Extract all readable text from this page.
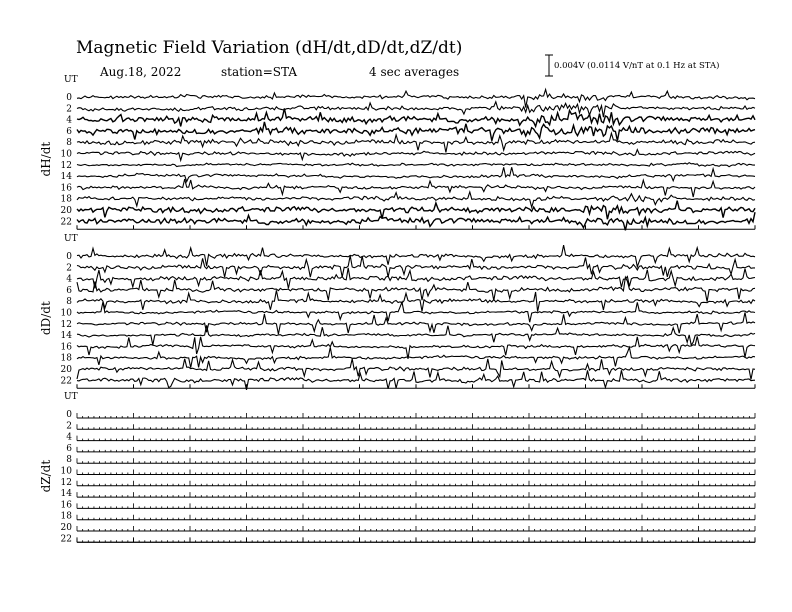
Magnetic Field Variation (dH/dt,dD/dt,dZ/dt)
Aug.18, 2022	station=STA	4 sec averages	0.004V (0.0114 V/nT at 0.1 Hz at STA)
UT
dH/dt
0
2
4
6
8
10
12
14
16
18
20
22
UT
dD/dt
0
2
4
6
8
10
12
14
16
18
20
22
UT
dZ/dt
0
2
4
6
8
10
12
14
16
18
20
22
